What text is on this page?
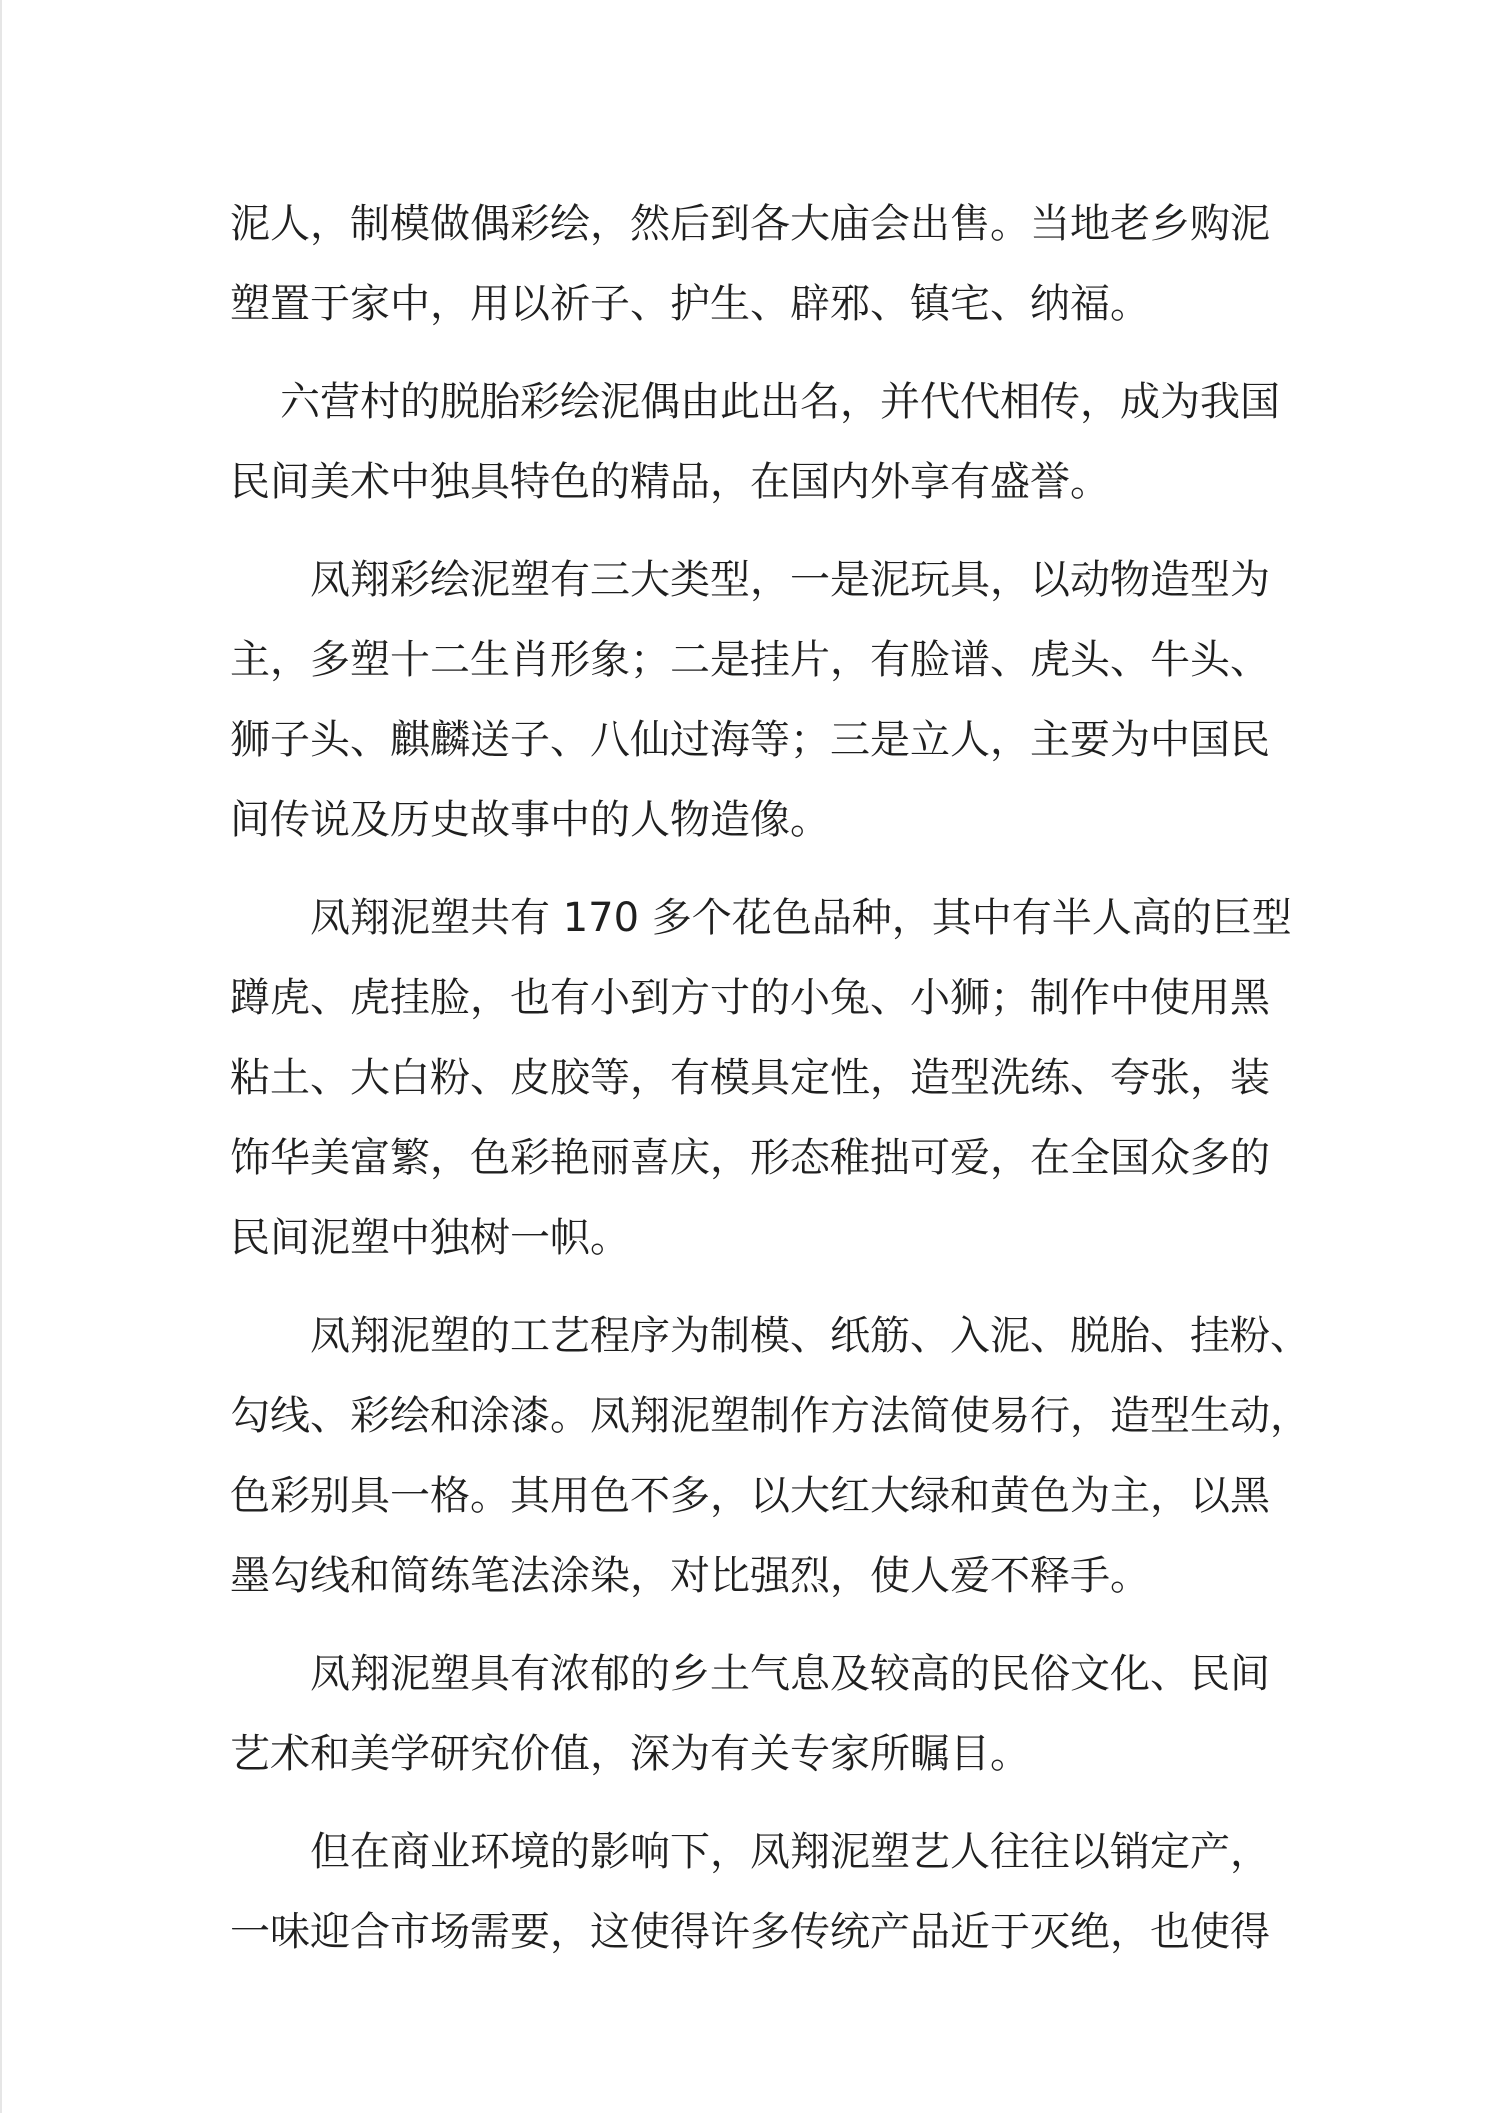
泥人，制模做偶彩绘，然后到各大庙会出售。当地老乡购泥
塑置于家中，用以祈子、护生、辟邪、镇宅、纳福。

六营村的脱胎彩绘泥偶由此出名，并代代相传，成为我国
民间美术中独具特色的精品，在国内外享有盛誉。

凤翔彩绘泥塑有三大类型，一是泥玩具，以动物造型为
主，多塑十二生肖形象；二是挂片，有脸谱、虎头、牛头、
狮子头、麒麟送子、八仙过海等；三是立人，主要为中国民
间传说及历史故事中的人物造像。

凤翔泥塑共有 170 多个花色品种，其中有半人高的巨型
蹲虎、虎挂脸，也有小到方寸的小兔、小狮；制作中使用黑
粘土、大白粉、皮胶等，有模具定性，造型洗练、夸张，装
饰华美富繁，色彩艳丽喜庆，形态稚拙可爱，在全国众多的
民间泥塑中独树一帜。

凤翔泥塑的工艺程序为制模、纸筋、入泥、脱胎、挂粉、
勾线、彩绘和涂漆。凤翔泥塑制作方法简使易行，造型生动，
色彩别具一格。其用色不多，以大红大绿和黄色为主，以黑
墨勾线和简练笔法涂染，对比强烈，使人爱不释手。

凤翔泥塑具有浓郁的乡土气息及较高的民俗文化、民间
艺术和美学研究价值，深为有关专家所瞩目。

但在商业环境的影响下，凤翔泥塑艺人往往以销定产，
一味迎合市场需要，这使得许多传统产品近于灭绝，也使得
